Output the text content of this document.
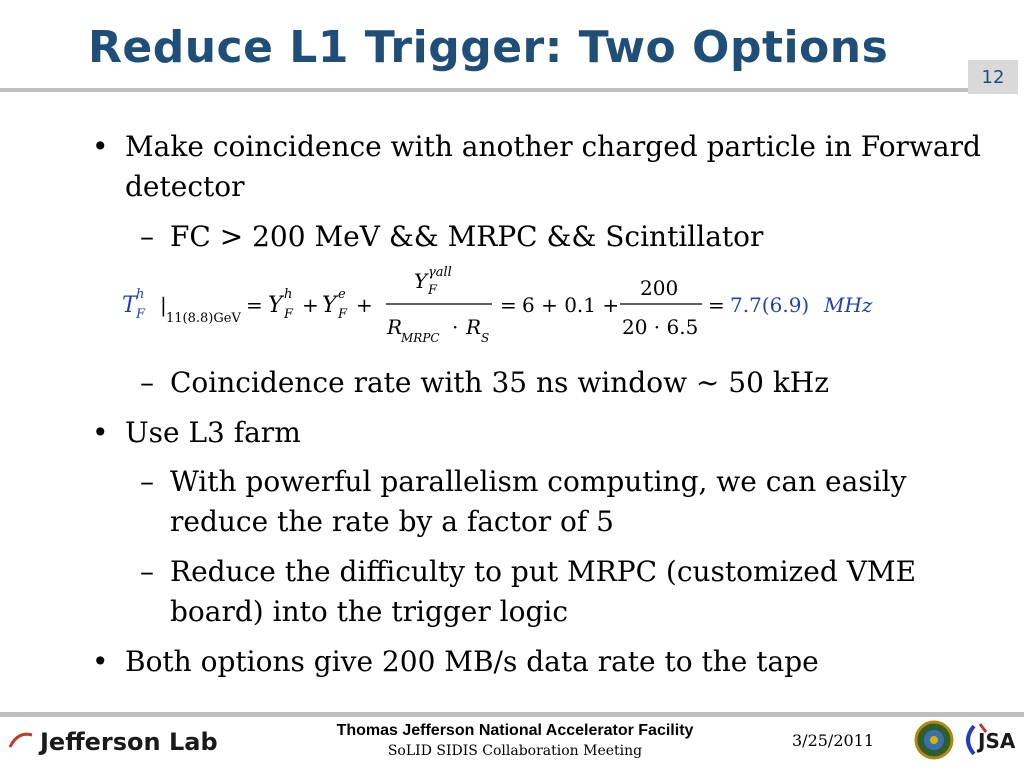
Reduce L1 Trigger: Two Options
12
• Make coincidence with another charged particle in Forward detector
– FC > 200 MeV && MRPC && Scintillator
T h
F |
11(8.8)GeV
= Y h
F + Y e
F +
Y γall
F
R
MRPC · R S
= 6 + 0.1 +
200
20 · 6.5
= 7.7(6.9) MHz
– Coincidence rate with 35 ns window ~ 50 kHz
• Use L3 farm
– With powerful parallelism computing, we can easily reduce the rate by a factor of 5
– Reduce the difficulty to put MRPC (customized VME board) into the trigger logic
• Both options give 200 MB/s data rate to the tape
Jefferson Lab	Thomas Jefferson National Accelerator Facility
SoLID SIDIS Collaboration Meeting
3/25/2011	JSA
